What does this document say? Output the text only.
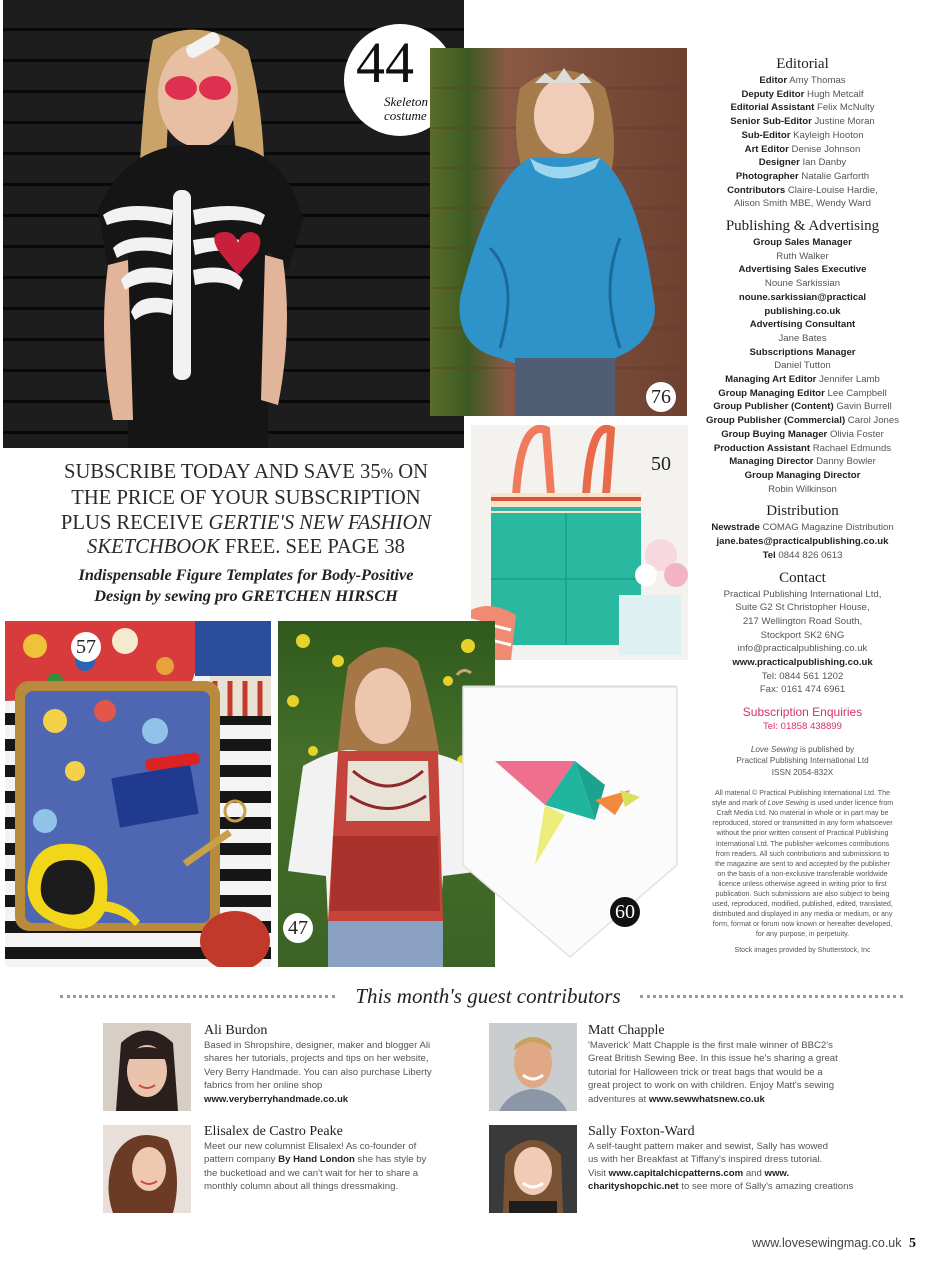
44
Skeleton
costume
76
50
57
47
60
SUBSCRIBE TODAY AND SAVE 35% ON
THE PRICE OF YOUR SUBSCRIPTION
PLUS RECEIVE GERTIE'S NEW FASHION
SKETCHBOOK FREE. SEE PAGE 38
Indispensable Figure Templates for Body-Positive
Design by sewing pro GRETCHEN HIRSCH
Editorial
Editor Amy Thomas
Deputy Editor Hugh Metcalf
Editorial Assistant Felix McNulty
Senior Sub-Editor Justine Moran
Sub-Editor Kayleigh Hooton
Art Editor Denise Johnson
Designer Ian Danby
Photographer Natalie Garforth
Contributors Claire-Louise Hardie,
Alison Smith MBE, Wendy Ward
Publishing & Advertising
Group Sales Manager
Ruth Walker
Advertising Sales Executive
Noune Sarkissian
noune.sarkissian@practical
publishing.co.uk
Advertising Consultant
Jane Bates
Subscriptions Manager
Daniel Tutton
Managing Art Editor Jennifer Lamb
Group Managing Editor Lee Campbell
Group Publisher (Content) Gavin Burrell
Group Publisher (Commercial) Carol Jones
Group Buying Manager Olivia Foster
Production Assistant Rachael Edmunds
Managing Director Danny Bowler
Group Managing Director
Robin Wilkinson
Distribution
Newstrade COMAG Magazine Distribution
jane.bates@practicalpublishing.co.uk
Tel 0844 826 0613
Contact
Practical Publishing International Ltd,
Suite G2 St Christopher House,
217 Wellington Road South,
Stockport SK2 6NG
info@practicalpublishing.co.uk
www.practicalpublishing.co.uk
Tel: 0844 561 1202
Fax: 0161 474 6961
Subscription Enquiries
Tel: 01858 438899
Love Sewing is published by
Practical Publishing International Ltd
ISSN 2054-832X
All material © Practical Publishing International Ltd. The
style and mark of Love Sewing is used under licence from
Craft Media Ltd. No material in whole or in part may be
reproduced, stored or transmitted in any form whatsoever
without the prior written consent of Practical Publishing
International Ltd. The publisher welcomes contributions
from readers. All such contributions and submissions to
the magazine are sent to and accepted by the publisher
on the basis of a non-exclusive transferable worldwide
licence unless otherwise agreed in writing prior to first
publication. Such submissions are also subject to being
used, reproduced, modified, published, edited, translated,
distributed and displayed in any media or medium, or any
form, format or forum now known or hereafter developed,
for any purpose, in perpetuity.
Stock images provided by Shutterstock, Inc
This month's guest contributors
Ali Burdon
Based in Shropshire, designer, maker and blogger Ali
shares her tutorials, projects and tips on her website,
Very Berry Handmade. You can also purchase Liberty
fabrics from her online shop
www.veryberryhandmade.co.uk
Matt Chapple
'Maverick' Matt Chapple is the first male winner of BBC2's
Great British Sewing Bee. In this issue he's sharing a great
tutorial for Halloween trick or treat bags that would be a
great project to work on with children. Enjoy Matt's sewing
adventures at www.sewwhatsnew.co.uk
Elisalex de Castro Peake
Meet our new columnist Elisalex! As co-founder of
pattern company By Hand London she has style by
the bucketload and we can't wait for her to share a
monthly column about all things dressmaking.
Sally Foxton-Ward
A self-taught pattern maker and sewist, Sally has wowed
us with her Breakfast at Tiffany's inspired dress tutorial.
Visit www.capitalchicpatterns.com and www.
charityshopchic.net to see more of Sally's amazing creations
www.lovesewingmag.co.uk 5
